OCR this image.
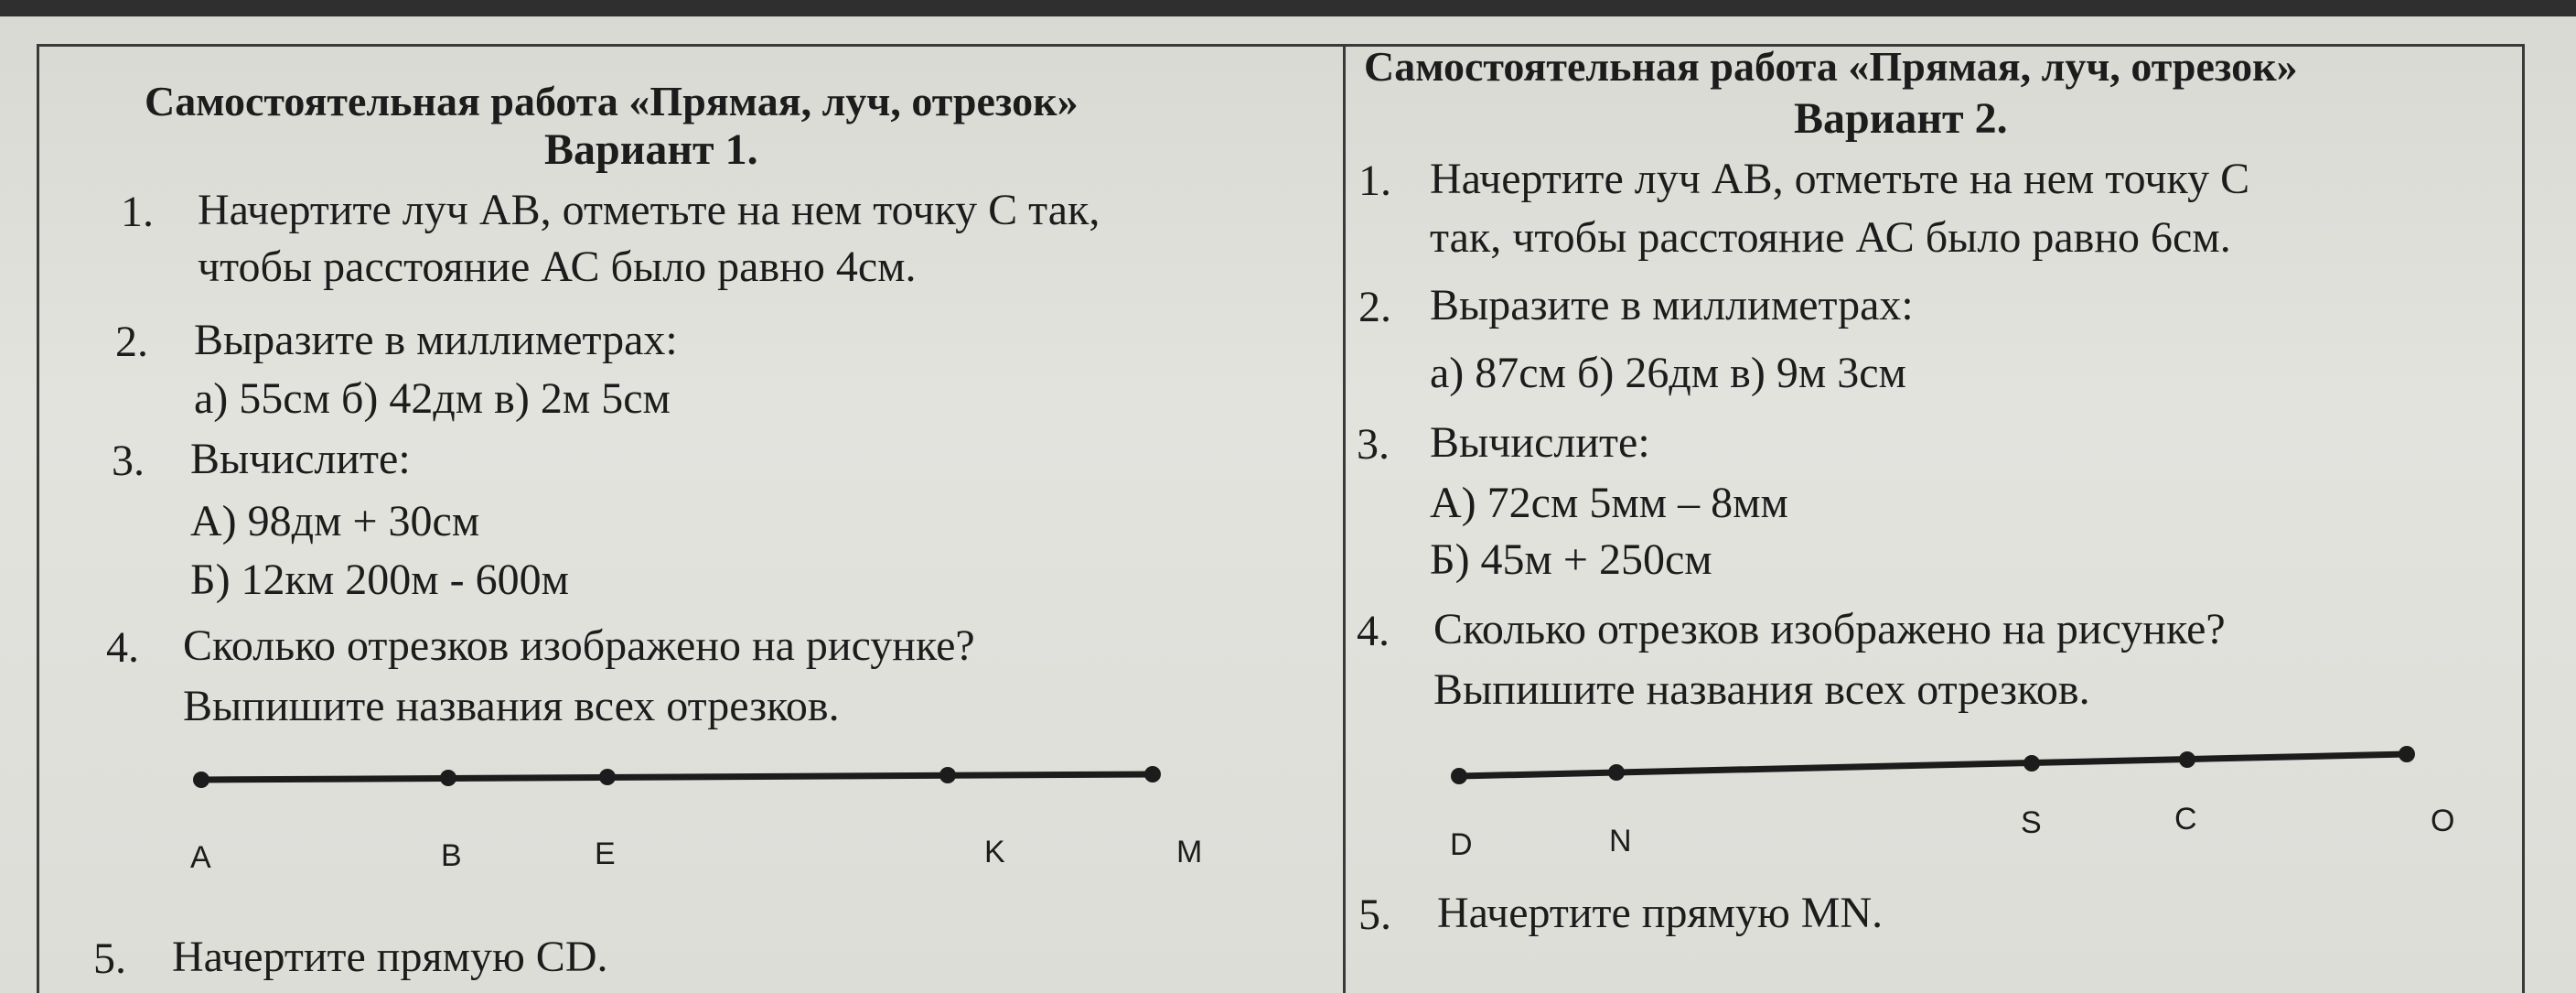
Самостоятельная работа «Прямая, луч, отрезок»
Вариант 1.
1. Начертите луч АВ, отметьте на нем точку С так,
чтобы расстояние АС было равно 4см.
2. Выразите в миллиметрах:
а) 55см б) 42дм в) 2м 5см
3. Вычислите:
А) 98дм + 30см
Б) 12км 200м - 600м
4. Сколько отрезков изображено на рисунке?
Выпишите названия всех отрезков.
A	B	E	K	M
5. Начертите прямую CD.
Самостоятельная работа «Прямая, луч, отрезок»
Вариант 2.
1. Начертите луч АВ, отметьте на нем точку С
так, чтобы расстояние АС было равно 6см.
2. Выразите в миллиметрах:
а) 87см б) 26дм в) 9м 3см
3. Вычислите:
А) 72см 5мм – 8мм
Б) 45м + 250см
4. Сколько отрезков изображено на рисунке?
Выпишите названия всех отрезков.
D	N
S	C	O
5. Начертите прямую MN.
